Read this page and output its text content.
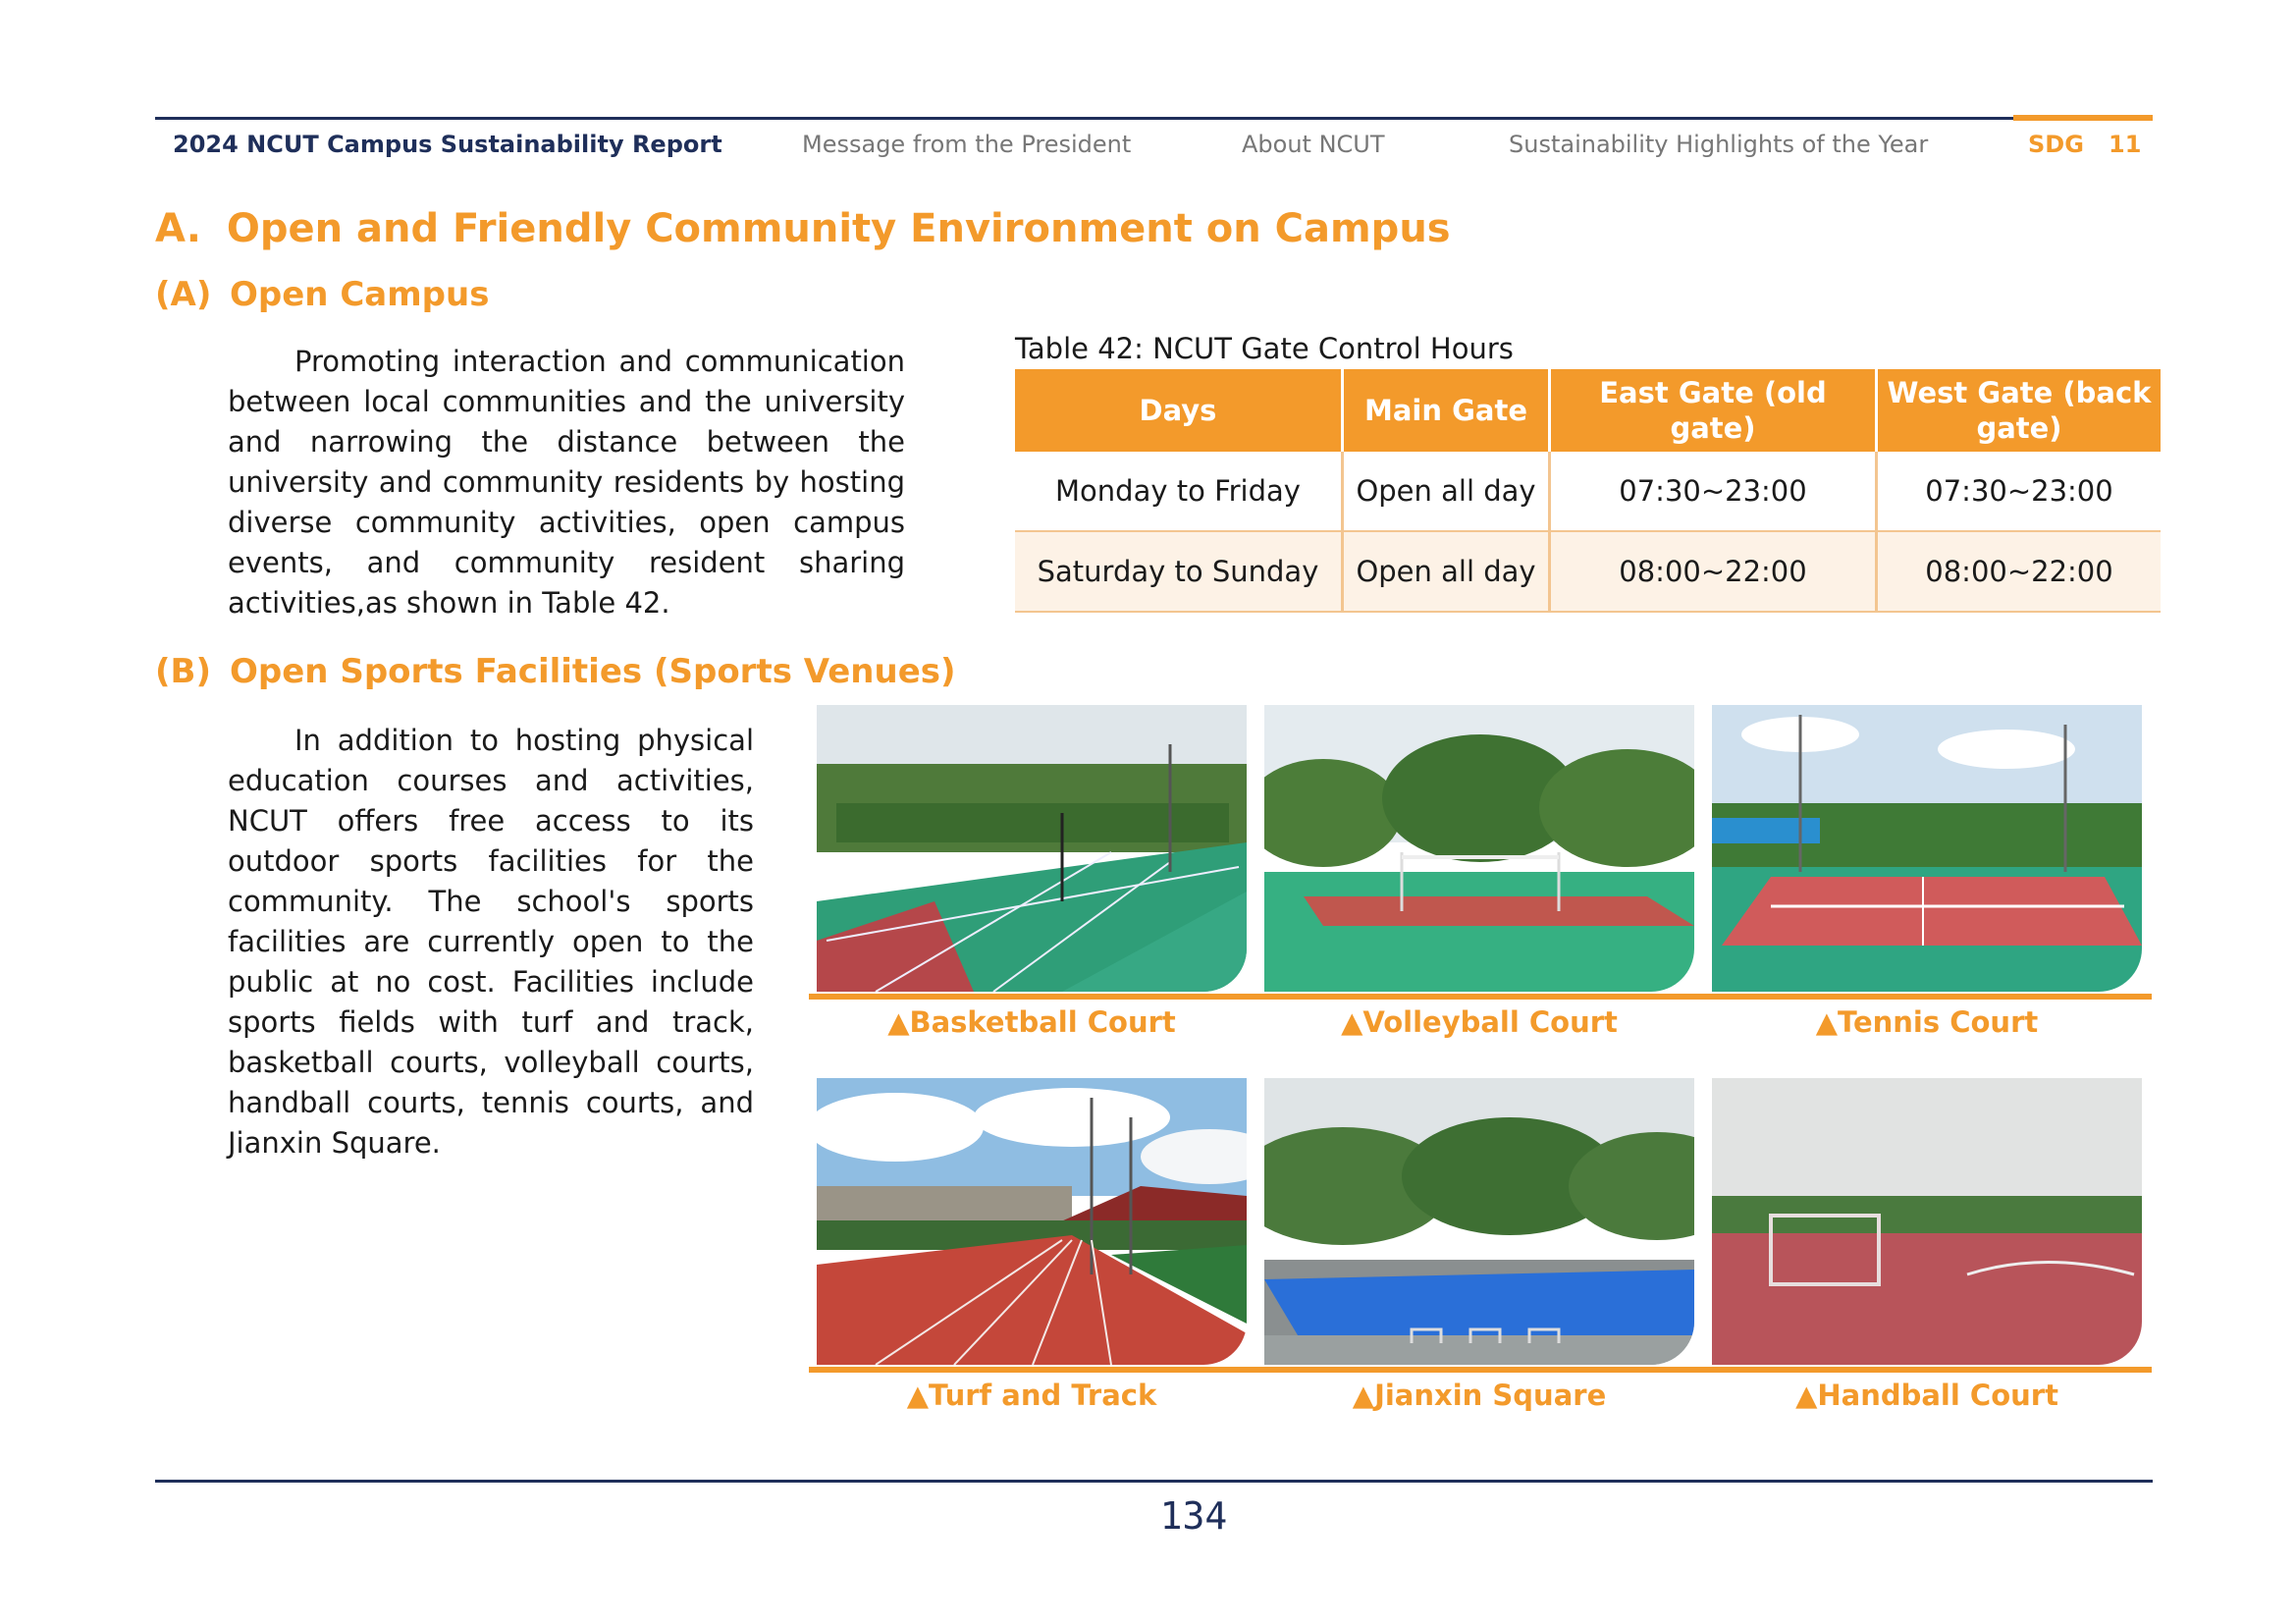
2024 NCUT Campus Sustainability Report	Message from the President	About NCUT	Sustainability Highlights of the Year	SDG 11
A. Open and Friendly Community Environment on Campus
(A) Open Campus
Promoting interaction and communication between local communities and the university and narrowing the distance between the university and community residents by hosting diverse community activities, open campus events, and community resident sharing activities,as shown in Table 42.
Table 42: NCUT Gate Control Hours
Days	Main Gate	East Gate (old gate)	West Gate (back gate)
Monday to Friday	Open all day	07:30~23:00	07:30~23:00
Saturday to Sunday	Open all day	08:00~22:00	08:00~22:00
(B) Open Sports Facilities (Sports Venues)
In addition to hosting physical education courses and activities, NCUT offers free access to its outdoor sports facilities for the community. The school's sports facilities are currently open to the public at no cost. Facilities include sports fields with turf and track, basketball courts, volleyball courts, handball courts, tennis courts, and Jianxin Square.
▲Basketball Court	▲Volleyball Court	▲Tennis Court
▲Turf and Track	▲Jianxin Square	▲Handball Court
134
